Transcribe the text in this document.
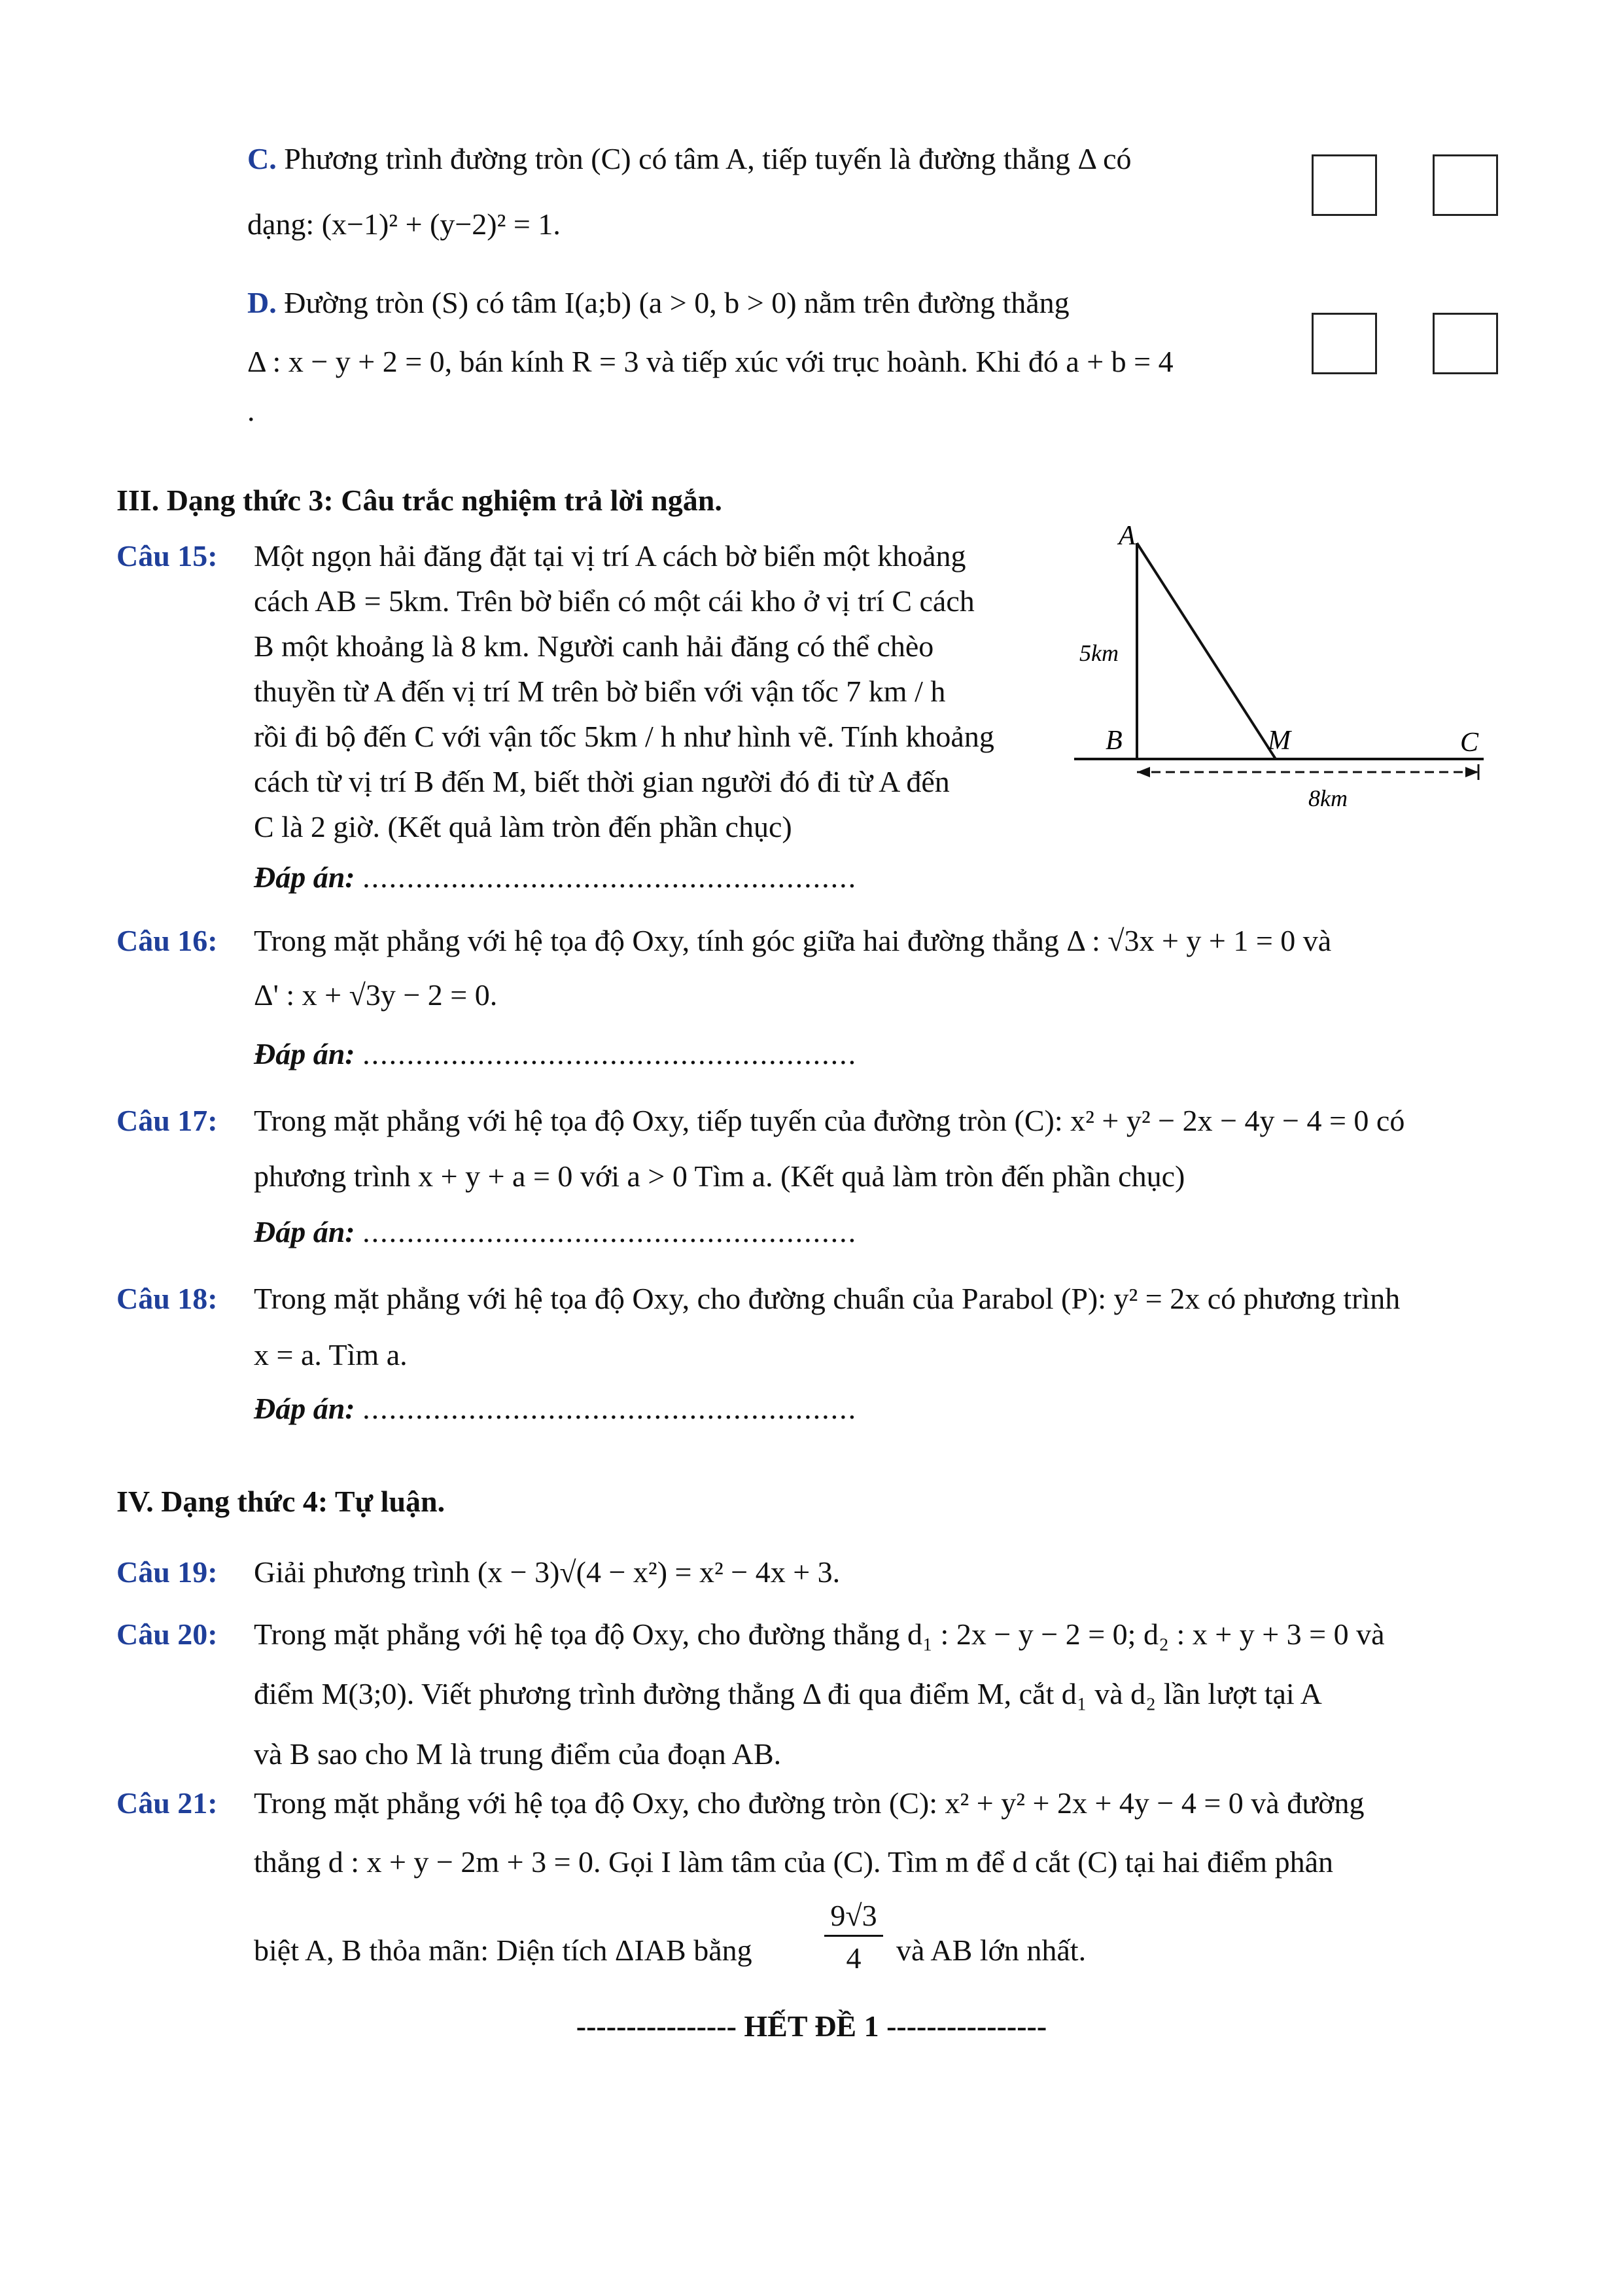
C. Phương trình đường tròn (C) có tâm A, tiếp tuyến là đường thẳng Δ có
dạng: (x−1)² + (y−2)² = 1.
D. Đường tròn (S) có tâm I(a;b) (a > 0, b > 0) nằm trên đường thẳng
Δ : x − y + 2 = 0, bán kính R = 3 và tiếp xúc với trục hoành. Khi đó a + b = 4
.
III. Dạng thức 3: Câu trắc nghiệm trả lời ngắn.
Câu 15: Một ngọn hải đăng đặt tại vị trí A cách bờ biển một khoảng
cách AB = 5km. Trên bờ biển có một cái kho ở vị trí C cách
B một khoảng là 8 km. Người canh hải đăng có thể chèo
thuyền từ A đến vị trí M trên bờ biển với vận tốc 7 km / h
rồi đi bộ đến C với vận tốc 5km / h như hình vẽ. Tính khoảng
cách từ vị trí B đến M, biết thời gian người đó đi từ A đến
C là 2 giờ. (Kết quả làm tròn đến phần chục)
Đáp án: ........................................................
A
5km
B	M	C
8km
Câu 16: Trong mặt phẳng với hệ tọa độ Oxy, tính góc giữa hai đường thẳng Δ : √3x + y + 1 = 0 và
Δ' : x + √3y − 2 = 0.
Đáp án: ........................................................
Câu 17: Trong mặt phẳng với hệ tọa độ Oxy, tiếp tuyến của đường tròn (C): x² + y² − 2x − 4y − 4 = 0 có
phương trình x + y + a = 0 với a > 0 Tìm a. (Kết quả làm tròn đến phần chục)
Đáp án: ........................................................
Câu 18: Trong mặt phẳng với hệ tọa độ Oxy, cho đường chuẩn của Parabol (P): y² = 2x có phương trình
x = a. Tìm a.
Đáp án: ........................................................
IV. Dạng thức 4: Tự luận.
Câu 19: Giải phương trình (x − 3)√(4 − x²) = x² − 4x + 3.
Câu 20: Trong mặt phẳng với hệ tọa độ Oxy, cho đường thẳng d₁ : 2x − y − 2 = 0; d₂ : x + y + 3 = 0 và
điểm M(3;0). Viết phương trình đường thẳng Δ đi qua điểm M, cắt d₁ và d₂ lần lượt tại A
và B sao cho M là trung điểm của đoạn AB.
Câu 21: Trong mặt phẳng với hệ tọa độ Oxy, cho đường tròn (C): x² + y² + 2x + 4y − 4 = 0 và đường
thẳng d : x + y − 2m + 3 = 0. Gọi I làm tâm của (C). Tìm m để d cắt (C) tại hai điểm phân
biệt A, B thỏa mãn: Diện tích ΔIAB bằng
9√3
4	và AB lớn nhất.
---------------- HẾT ĐỀ 1 ----------------
